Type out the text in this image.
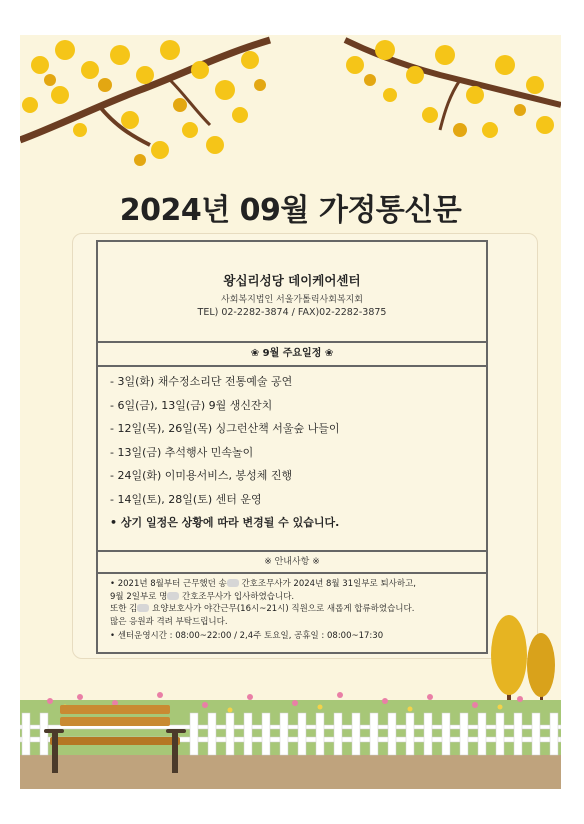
2024년 09월 가정통신문
왕십리성당 데이케어센터
사회복지법인 서울가톨릭사회복지회
TEL) 02-2282-3874 / FAX)02-2282-3875
❀ 9월 주요일정 ❀
- 3일(화) 채수정소리단 전통예술 공연
- 6일(금), 13일(금) 9월 생신잔치
- 12일(목), 26일(목) 싱그런산책 서울숲 나들이
- 13일(금) 추석행사 민속놀이
- 24일(화) 이미용서비스, 봉성체 진행
- 14일(토), 28일(토) 센터 운영
• 상기 일정은 상황에 따라 변경될 수 있습니다.
※ 안내사항 ※

• 2021년 8월부터 근무했던 송 간호조무사가 2024년 8월 31일부로 퇴사하고,

9월 2일부로 명 간호조무사가 입사하였습니다.

또한 김 요양보호사가 야간근무(16시~21시) 직원으로 새롭게 합류하였습니다.

많은 응원과 격려 부탁드립니다.

• 센터운영시간 : 08:00~22:00 / 2,4주 토요일, 공휴일 : 08:00~17:30
